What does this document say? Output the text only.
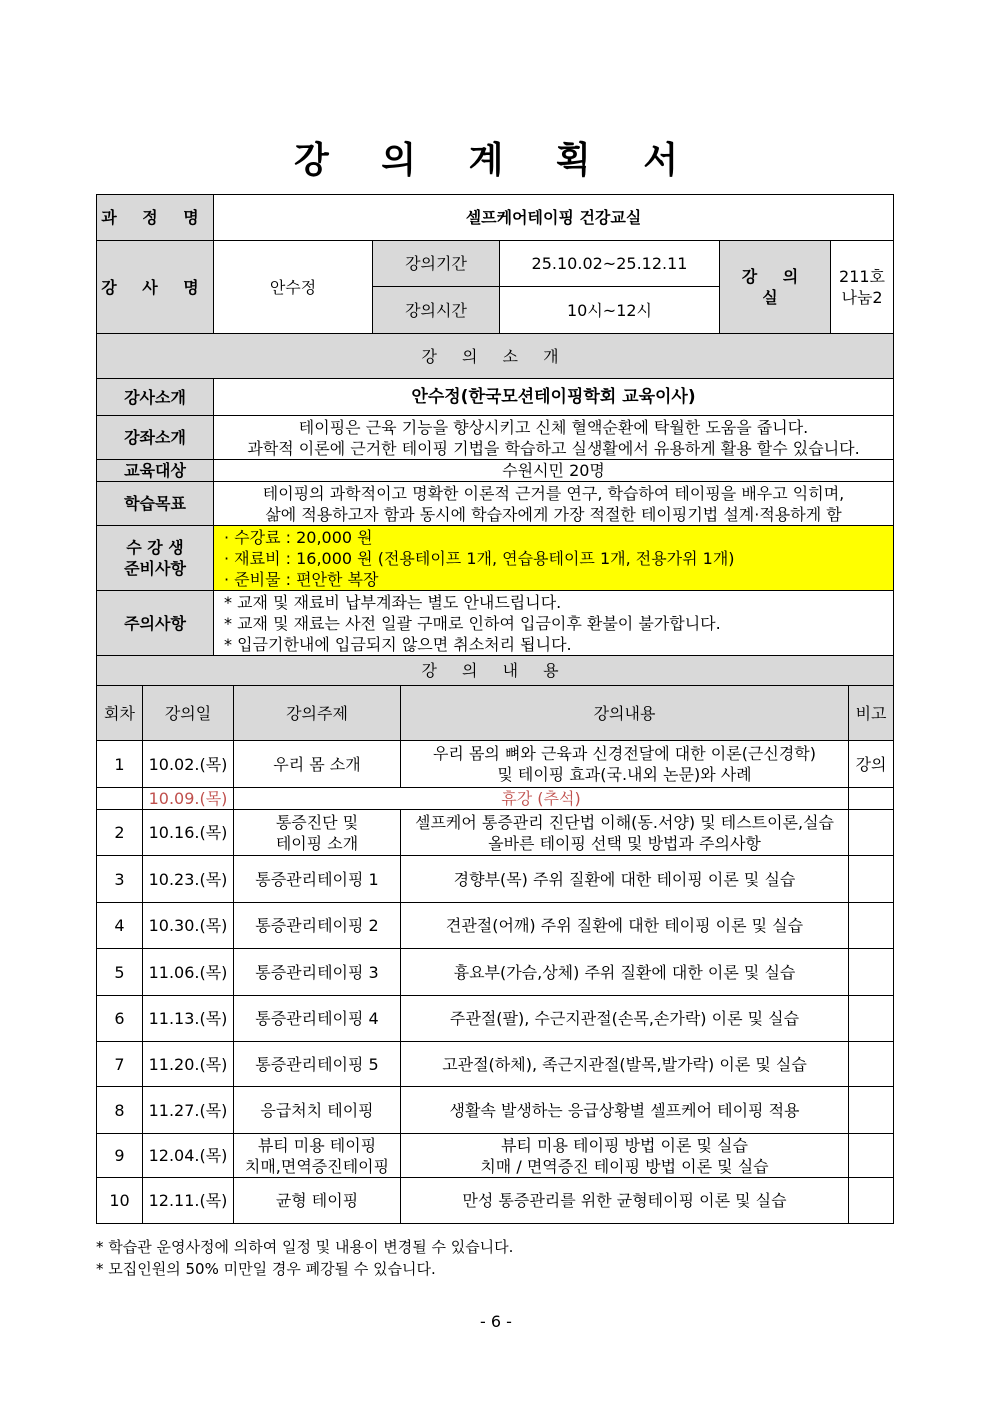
강 의 계 획 서
과 정 명	셀프케어테이핑 건강교실				
강 사 명	안수정	강의기간	25.10.02~25.12.11	강 의 실	211호
나눔2

		강의시간	10시~12시		
강 의 소 개					
강사소개	안수정(한국모션테이핑학회 교육이사)				
강좌소개	테이핑은 근육 기능을 향상시키고 신체 혈액순환에 탁월한 도움을 줍니다.
과학적 이론에 근거한 테이핑 기법을 학습하고 실생활에서 유용하게 활용 할수 있습니다.				

교육대상	수원시민 20명				
학습목표	테이핑의 과학적이고 명확한 이론적 근거를 연구, 학습하여 테이핑을 배우고 익히며,
삶에 적용하고자 함과 동시에 학습자에게 가장 적절한 테이핑기법 설계·적용하게 함				

수 강 생
준비사항	· 수강료 : 20,000 원
· 재료비 : 16,000 원 (전용테이프 1개, 연습용테이프 1개, 전용가위 1개)
· 준비물 : 편안한 복장				

주의사항	* 교재 및 재료비 납부계좌는 별도 안내드립니다.
* 교재 및 재료는 사전 일괄 구매로 인하여 입금이후 환불이 불가합니다.
* 입금기한내에 입금되지 않으면 취소처리 됩니다.				
강 의 내 용				
회차	강의일	강의주제	강의내용	비고
1	10.02.(목)	우리 몸 소개	우리 몸의 뼈와 근육과 신경전달에 대한 이론(근신경학)
및 테이핑 효과(국.내외 논문)와 사례	강의
	10.09.(목)	휴강 (추석)		
2	10.16.(목)	통증진단 및
테이핑 소개	셀프케어 통증관리 진단법 이해(동.서양) 및 테스트이론,실습
올바른 테이핑 선택 및 방법과 주의사항	

3	10.23.(목)	통증관리테이핑 1	경향부(목) 주위 질환에 대한 테이핑 이론 및 실습	

4	10.30.(목)	통증관리테이핑 2	견관절(어깨) 주위 질환에 대한 테이핑 이론 및 실습	

5	11.06.(목)	통증관리테이핑 3	흉요부(가슴,상체) 주위 질환에 대한 이론 및 실습	

6	11.13.(목)	통증관리테이핑 4	주관절(팔), 수근지관절(손목,손가락) 이론 및 실습	

7	11.20.(목)	통증관리테이핑 5	고관절(하체), 족근지관절(발목,발가락) 이론 및 실습	

8	11.27.(목)	응급처치 테이핑	생활속 발생하는 응급상황별 셀프케어 테이핑 적용	

9	12.04.(목)	뷰티 미용 테이핑
치매,면역증진테이핑	뷰티 미용 테이핑 방법 이론 및 실습
치매 / 면역증진 테이핑 방법 이론 및 실습	

10	12.11.(목)	균형 테이핑	만성 통증관리를 위한 균형테이핑 이론 및 실습	

* 학습관 운영사정에 의하여 일정 및 내용이 변경될 수 있습니다.
* 모집인원의 50% 미만일 경우 폐강될 수 있습니다.
- 6 -
